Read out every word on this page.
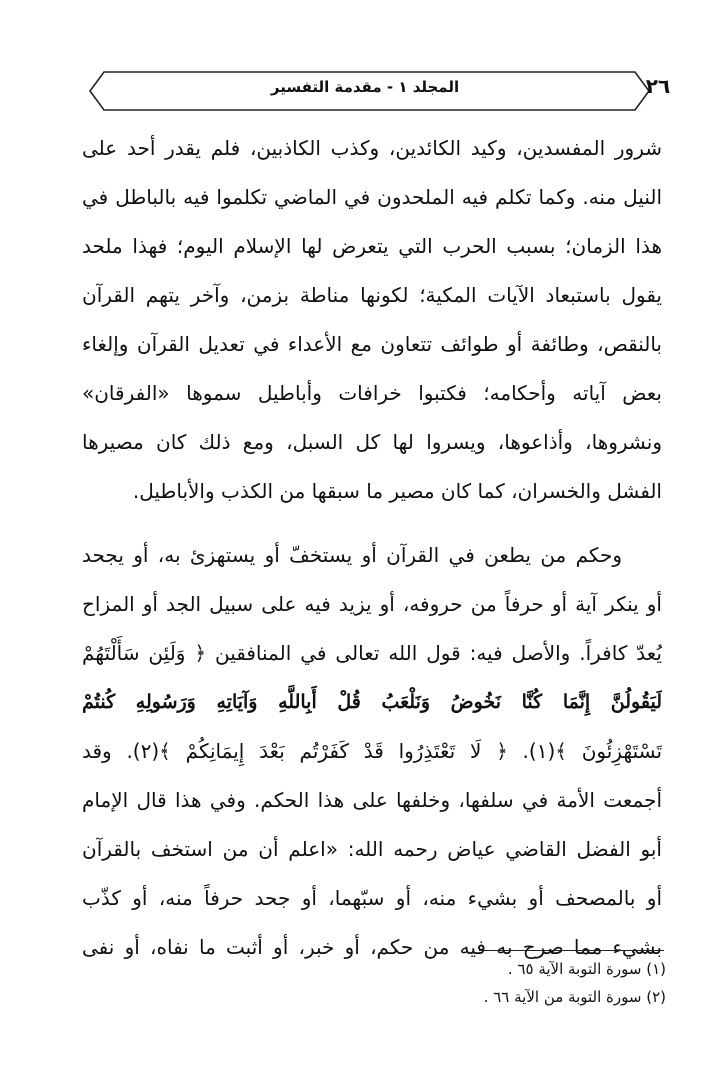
٢٦
المجلد ١ - مقدمة التفسير
شرور المفسدين، وكيد الكائدين، وكذب الكاذبين، فلم يقدر أحد على
النيل منه. وكما تكلم فيه الملحدون في الماضي تكلموا فيه بالباطل في
هذا الزمان؛ بسبب الحرب التي يتعرض لها الإسلام اليوم؛ فهذا ملحد
يقول باستبعاد الآيات المكية؛ لكونها مناطة بزمن، وآخر يتهم القرآن
بالنقص، وطائفة أو طوائف تتعاون مع الأعداء في تعديل القرآن وإلغاء
بعض آياته وأحكامه؛ فكتبوا خرافات وأباطيل سموها «الفرقان»
ونشروها، وأذاعوها، ويسروا لها كل السبل، ومع ذلك كان مصيرها
الفشل والخسران، كما كان مصير ما سبقها من الكذب والأباطيل.
وحكم من يطعن في القرآن أو يستخفّ أو يستهزئ به، أو يجحد
أو ينكر آية أو حرفاً من حروفه، أو يزيد فيه على سبيل الجد أو المزاح
يُعدّ كافراً. والأصل فيه: قول الله تعالى في المنافقين ﴿ وَلَئِن سَأَلْتَهُمْ
لَيَقُولُنَّ إِنَّمَا كُنَّا نَخُوضُ وَنَلْعَبُ قُلْ أَبِاللَّهِ وَآيَاتِهِ وَرَسُولِهِ كُنتُمْ
تَسْتَهْزِئُونَ ﴾(١). ﴿ لَا تَعْتَذِرُوا قَدْ كَفَرْتُم بَعْدَ إِيمَانِكُمْ ﴾(٢). وقد
أجمعت الأمة في سلفها، وخلفها على هذا الحكم. وفي هذا قال الإمام
أبو الفضل القاضي عياض رحمه الله: «اعلم أن من استخف بالقرآن
أو بالمصحف أو بشيء منه، أو سبّهما، أو جحد حرفاً منه، أو كذّب
بشيء مما صرح به فيه من حكم، أو خبر، أو أثبت ما نفاه، أو نفى
(١) سورة التوبة الآية ٦٥ .
(٢) سورة التوبة من الآية ٦٦ .
